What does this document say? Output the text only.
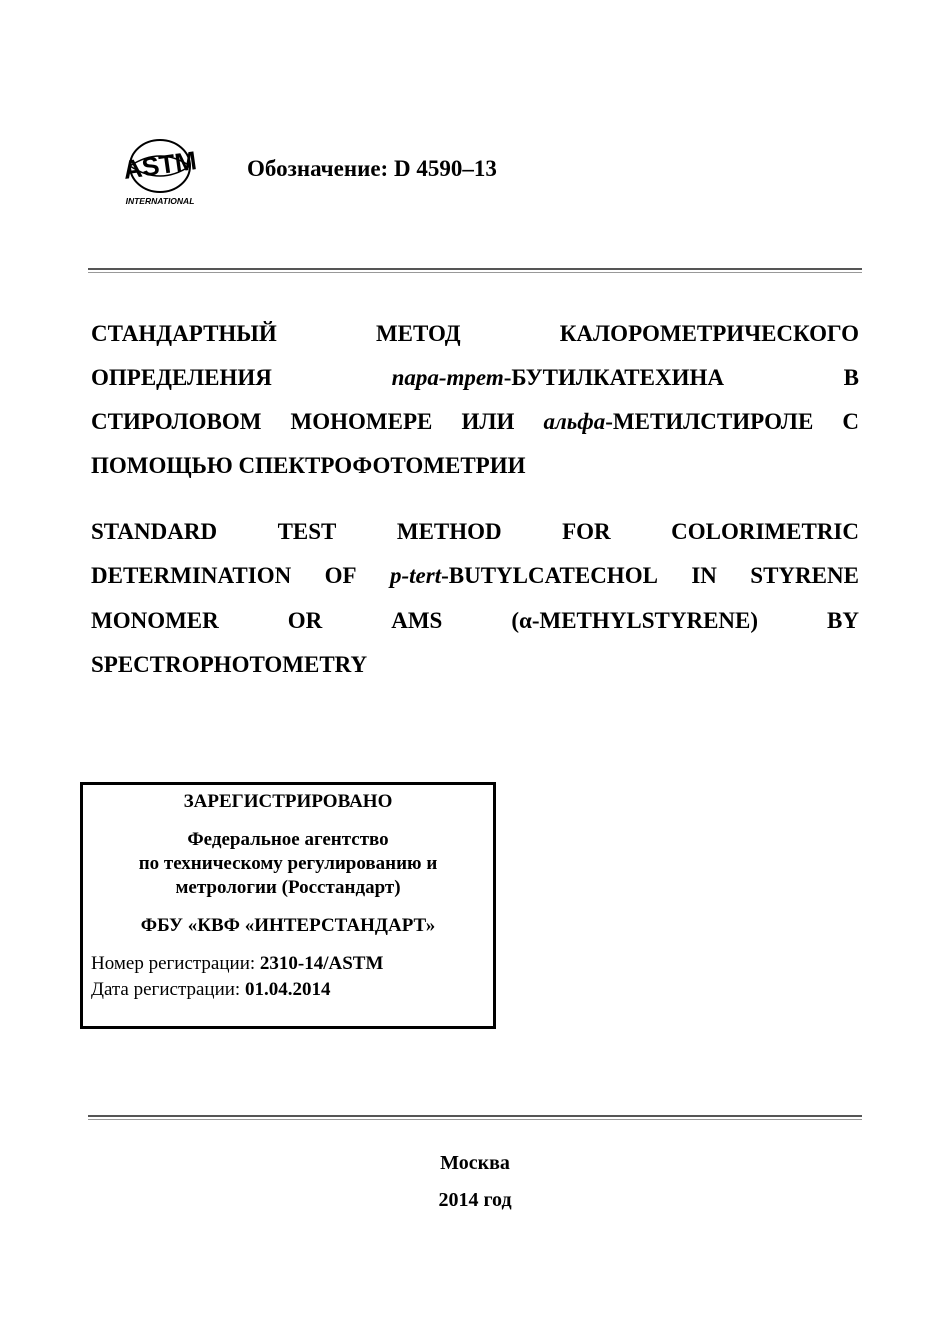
ASTM
INTERNATIONAL
Обозначение: D 4590–13
СТАНДАРТНЫЙ	МЕТОД	КАЛОРОМЕТРИЧЕСКОГО
ОПРЕДЕЛЕНИЯ	пара-трет-БУТИЛКАТЕХИНА	В
СТИРОЛОВОМ МОНОМЕРЕ ИЛИ альфа-МЕТИЛСТИРОЛЕ С
ПОМОЩЬЮ СПЕКТРОФОТОМЕТРИИ
STANDARD	TEST	METHOD	FOR	COLORIMETRIC
DETERMINATION OF p-tert-BUTYLCATECHOL IN STYRENE
MONOMER	OR	AMS	(α-METHYLSTYRENE)	BY
SPECTROPHOTOMETRY
ЗАРЕГИСТРИРОВАНО
Федеральное агентство
по техническому регулированию и
метрологии (Росстандарт)
ФБУ «КВФ «ИНТЕРСТАНДАРТ»
Номер регистрации: 2310-14/ASTM
Дата регистрации: 01.04.2014
Москва
2014 год
